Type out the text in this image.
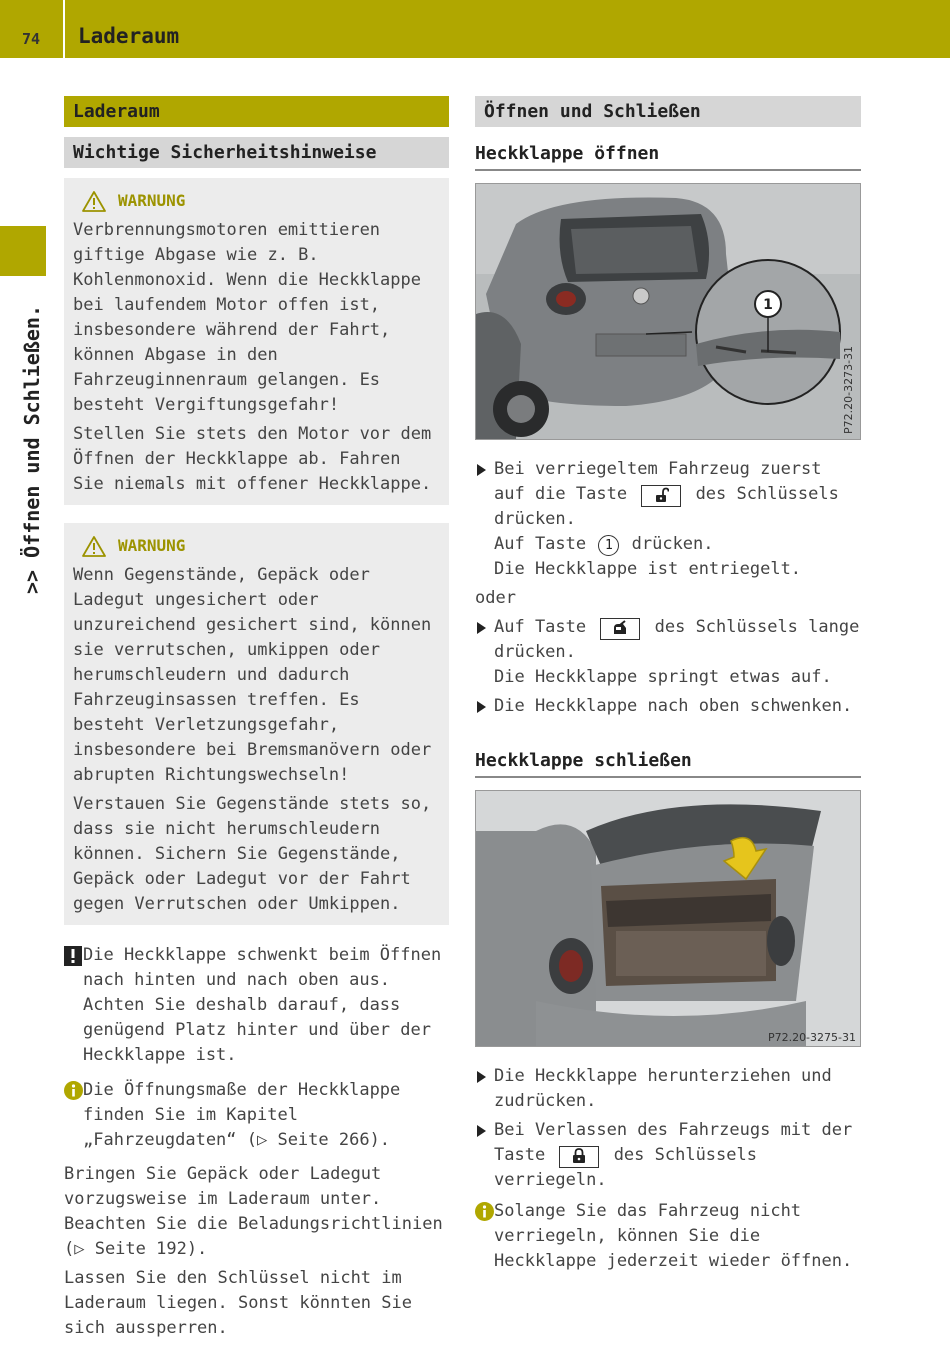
74 Laderaum
>> Öffnen und Schließen.
Laderaum
Wichtige Sicherheitshinweise
WARNUNG

Verbrennungsmotoren emittieren giftige Abgase wie z. B. Kohlenmonoxid. Wenn die Heckklappe bei laufendem Motor offen ist, insbesondere während der Fahrt, können Abgase in den Fahrzeuginnenraum gelangen. Es besteht Vergiftungsgefahr!

Stellen Sie stets den Motor vor dem Öffnen der Heckklappe ab. Fahren Sie niemals mit offener Heckklappe.

WARNUNG

Wenn Gegenstände, Gepäck oder Ladegut ungesichert oder unzureichend gesichert sind, können sie verrutschen, umkippen oder herumschleudern und dadurch Fahrzeuginsassen treffen. Es besteht Verletzungsgefahr, insbesondere bei Bremsmanövern oder abrupten Richtungswechseln!

Verstauen Sie Gegenstände stets so, dass sie nicht herumschleudern können. Sichern Sie Gegenstände, Gepäck oder Ladegut vor der Fahrt gegen Verrutschen oder Umkippen.

Die Heckklappe schwenkt beim Öffnen nach hinten und nach oben aus. Achten Sie deshalb darauf, dass genügend Platz hinter und über der Heckklappe ist.
Die Öffnungsmaße der Heckklappe finden Sie im Kapitel „Fahrzeugdaten“ (▷ Seite 266).

Bringen Sie Gepäck oder Ladegut vorzugsweise im Laderaum unter. Beachten Sie die Beladungsrichtlinien (▷ Seite 192).

Lassen Sie den Schlüssel nicht im Laderaum liegen. Sonst könnten Sie sich aussperren.

Öffnen und Schließen
Heckklappe öffnen
1
P72.20-3273-31
Bei verriegeltem Fahrzeug zuerst auf die Taste	des Schlüssels drücken.
Auf Taste 1 drücken.
Die Heckklappe ist entriegelt.
oder
Auf Taste	des Schlüssels lange drücken.
Die Heckklappe springt etwas auf.
Die Heckklappe nach oben schwenken.
Heckklappe schließen
P72.20-3275-31
Die Heckklappe herunterziehen und zudrücken.
Bei Verlassen des Fahrzeugs mit der Taste	des Schlüssels verriegeln.
Solange Sie das Fahrzeug nicht verriegeln, können Sie die Heckklappe jederzeit wieder öffnen.
